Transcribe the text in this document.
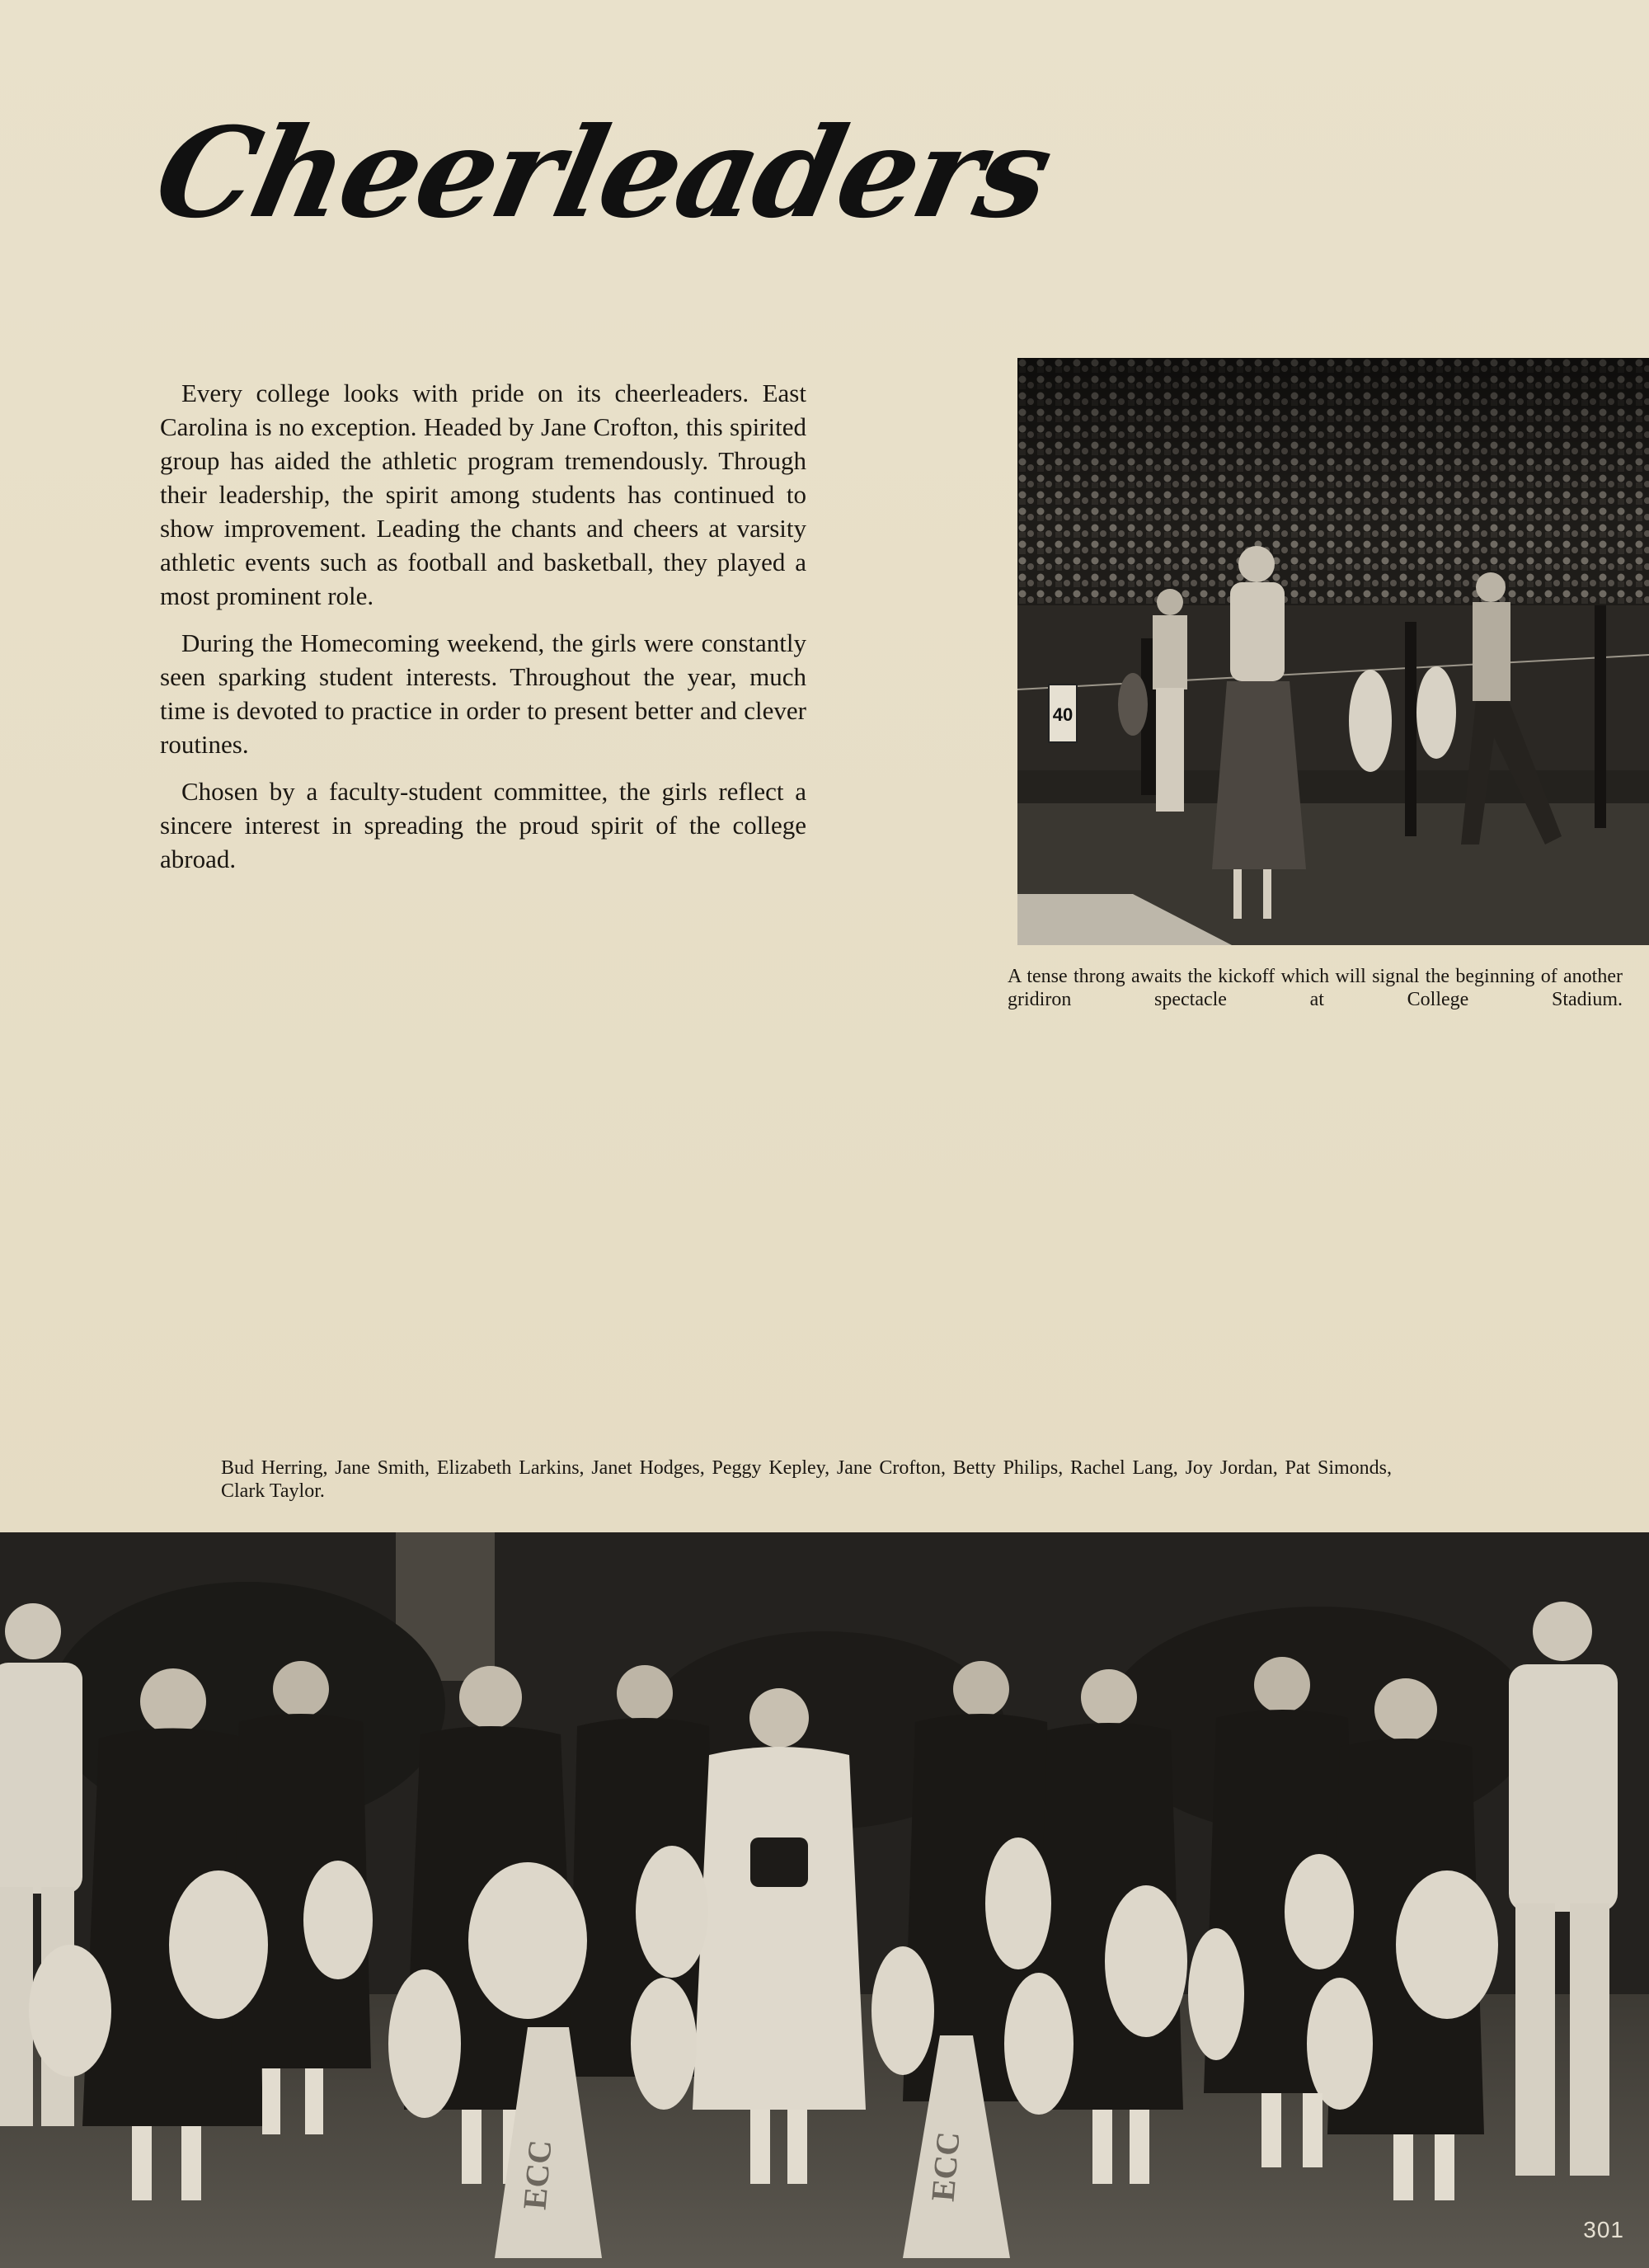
Cheerleaders

Every college looks with pride on its cheerleaders. East Carolina is no exception. Headed by Jane Crofton, this spirited group has aided the athletic program tremendously. Through their leadership, the spirit among students has continued to show improvement. Leading the chants and cheers at varsity athletic events such as football and basketball, they played a most prominent role.

During the Homecoming weekend, the girls were constantly seen sparking student interests. Throughout the year, much time is devoted to practice in order to present better and clever routines.

Chosen by a faculty-student committee, the girls reflect a sincere interest in spreading the proud spirit of the college abroad.

40
A tense throng awaits the kickoff which will signal the beginning of another gridiron spectacle at College Stadium.
Bud Herring, Jane Smith, Elizabeth Larkins, Janet Hodges, Peggy Kepley, Jane Crofton, Betty Philips, Rachel Lang, Joy Jordan, Pat Simonds, Clark Taylor.
ECC	ECC
301
